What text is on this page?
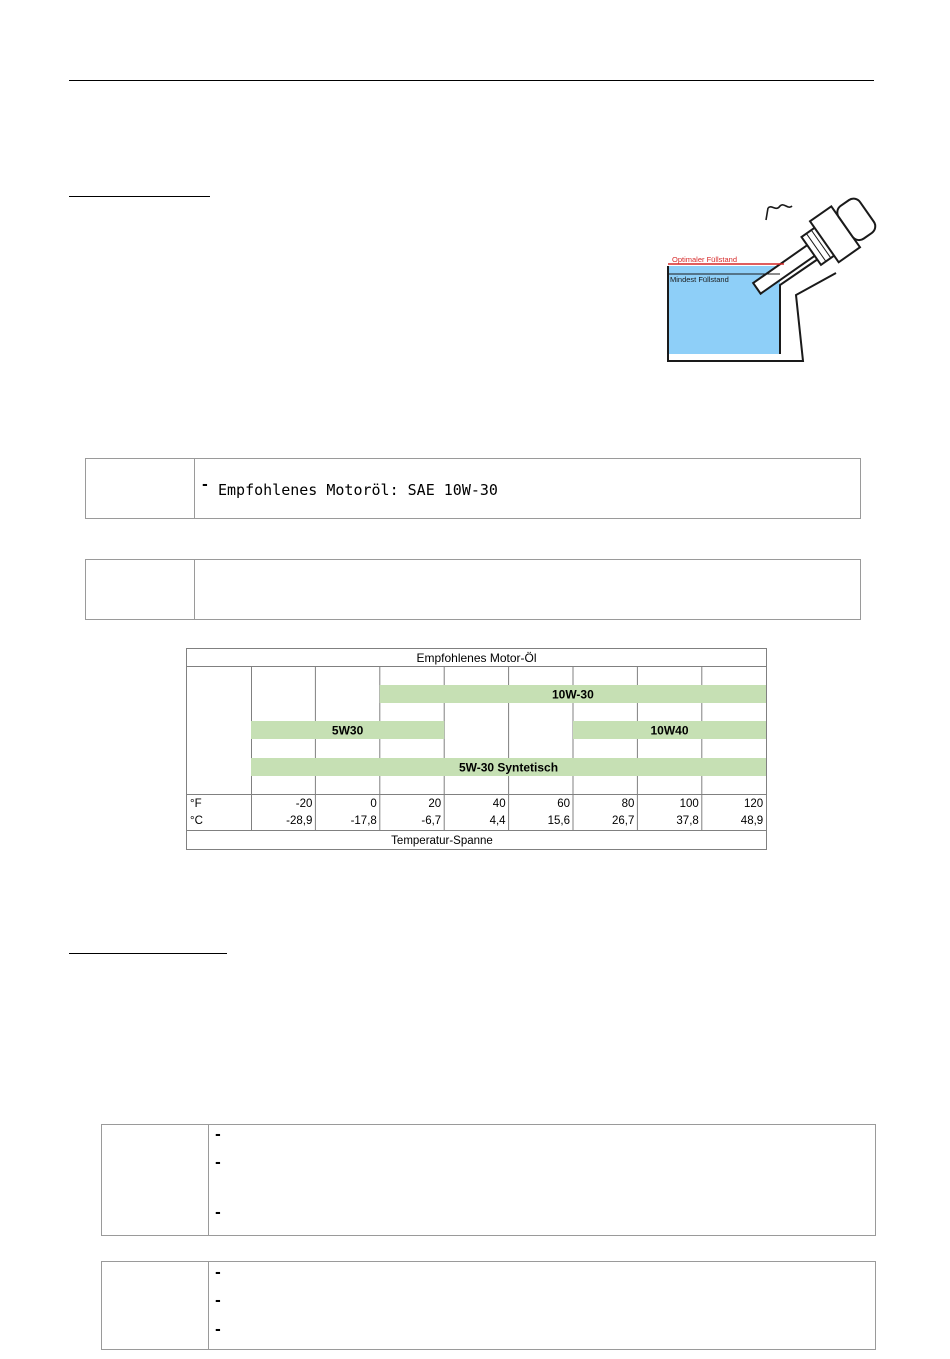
Optimaler Füllstand
Mindest Füllstand
- Empfohlenes Motoröl: SAE 10W-30
10W-30
5W30	10W40
5W-30 Syntetisch
Empfohlenes Motor-Öl
°F
°C
-20
-28,9
0
-17,8
20
-6,7
40
4,4
60
15,6
80
26,7
100
37,8
120
48,9
Temperatur-Spanne
-
-
-
-
-
-
